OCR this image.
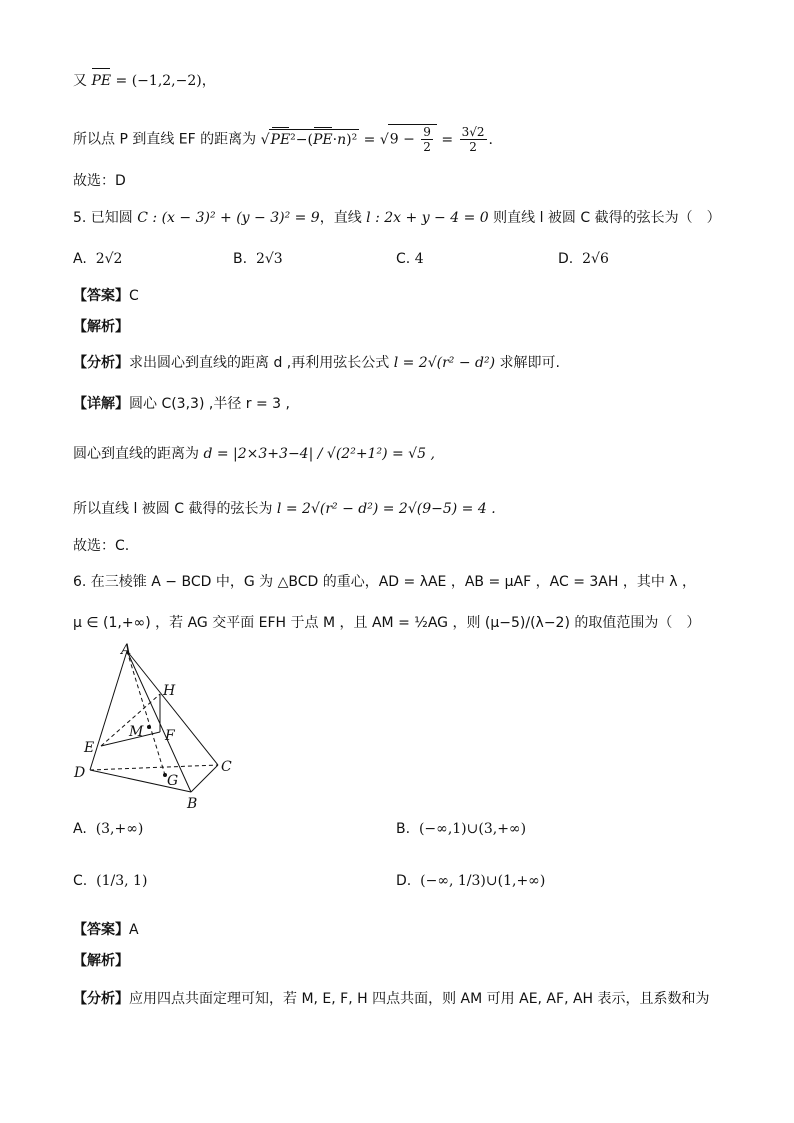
又 PE = (−1,2,−2)，
所以点 P 到直线 EF 的距离为 $√PE^2-(PE\cdot n)^2 = √9 - \frac{9}{2} = \frac{3√2}{2}$ .
故选：D
5. 已知圆 C : (x − 3)² + (y − 3)² = 9，直线 l : 2x + y − 4 = 0 则直线 l 被圆 C 截得的弦长为（　）
A. 2√2	B. 2√3	C. 4	D. 2√6
【答案】C
【解析】
【分析】求出圆心到直线的距离 d ,再利用弦长公式 l = 2√(r² − d²) 求解即可.
【详解】圆心 C(3,3) ,半径 r = 3 ,
圆心到直线的距离为 d = |2×3+3−4| / √(2²+1²) = √5 ,
所以直线 l 被圆 C 截得的弦长为 l = 2√(r² − d²) = 2√(9−5) = 4 .
故选：C.
6. 在三棱锥 A − BCD 中，G 为 △BCD 的重心，AD = λAE ，AB = μAF ，AC = 3AH ，其中 λ ，
μ ∈ (1,+∞) ，若 AG 交平面 EFH 于点 M ，且 AM = ½AG ，则 (μ−5)/(λ−2) 的取值范围为（　）
A
H
M F
E
D	G
C
B
A. (3,+∞)	B. (−∞,1)∪(3,+∞)
C. (1/3, 1)	D. (−∞, 1/3)∪(1,+∞)
【答案】A
【解析】
【分析】应用四点共面定理可知，若 M, E, F, H 四点共面，则 AM 可用 AE, AF, AH 表示，且系数和为
